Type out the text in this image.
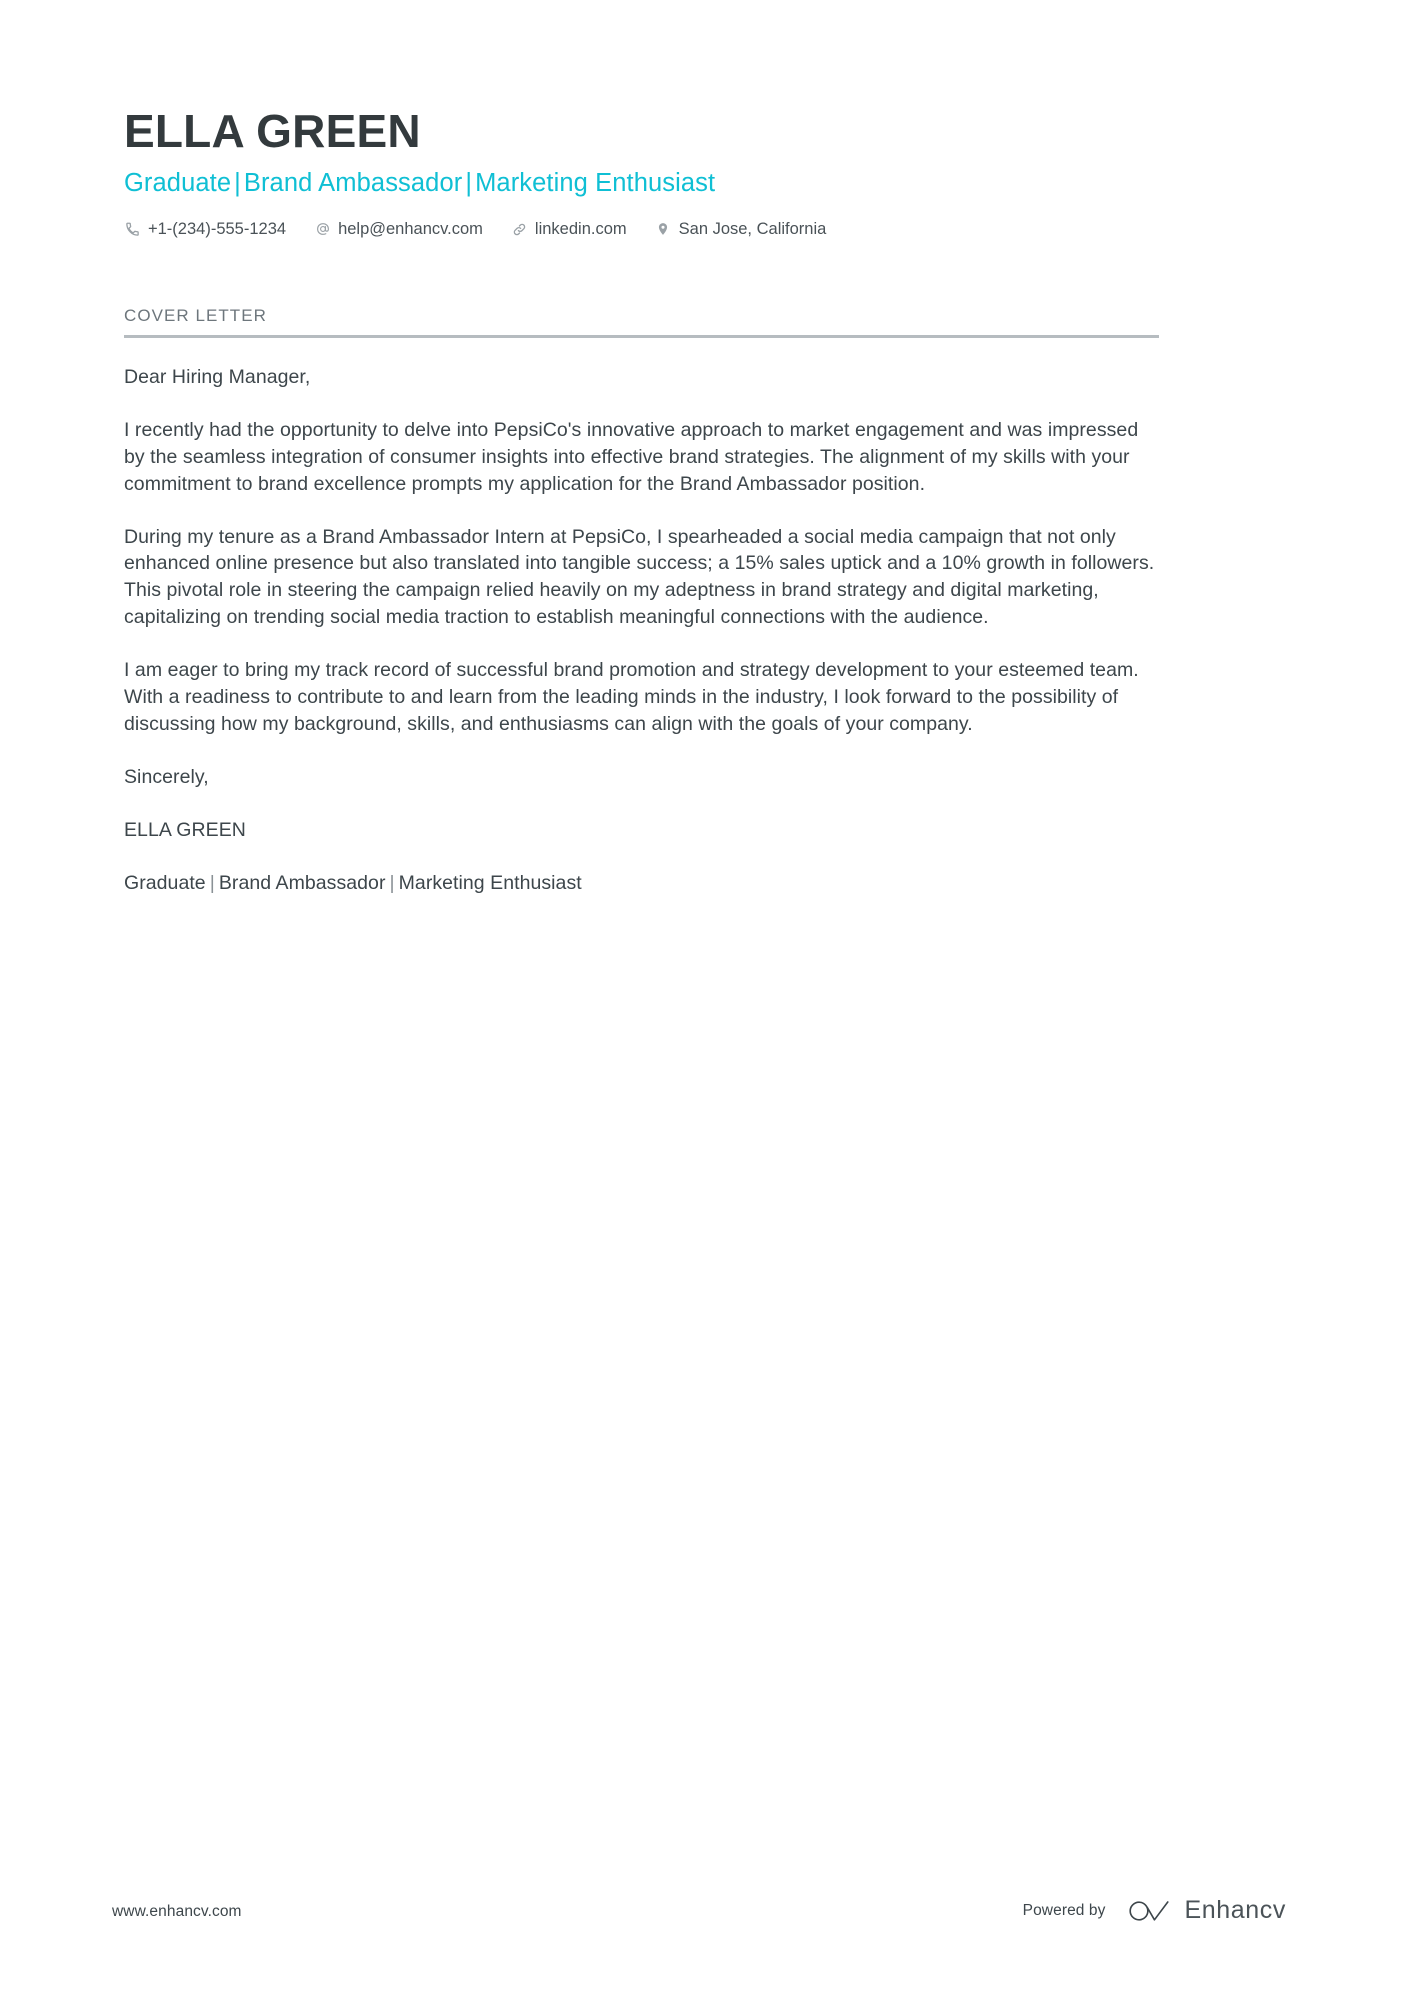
ELLA GREEN
Graduate | Brand Ambassador | Marketing Enthusiast
+1-(234)-555-1234	help@enhancv.com	linkedin.com	San Jose, California
COVER LETTER

Dear Hiring Manager,

I recently had the opportunity to delve into PepsiCo's innovative approach to market engagement and was impressed by the seamless integration of consumer insights into effective brand strategies. The alignment of my skills with your commitment to brand excellence prompts my application for the Brand Ambassador position.

During my tenure as a Brand Ambassador Intern at PepsiCo, I spearheaded a social media campaign that not only enhanced online presence but also translated into tangible success; a 15% sales uptick and a 10% growth in followers. This pivotal role in steering the campaign relied heavily on my adeptness in brand strategy and digital marketing, capitalizing on trending social media traction to establish meaningful connections with the audience.

I am eager to bring my track record of successful brand promotion and strategy development to your esteemed team. With a readiness to contribute to and learn from the leading minds in the industry, I look forward to the possibility of discussing how my background, skills, and enthusiasms can align with the goals of your company.

Sincerely,

ELLA GREEN

Graduate | Brand Ambassador | Marketing Enthusiast

www.enhancv.com	Powered by	Enhancv
